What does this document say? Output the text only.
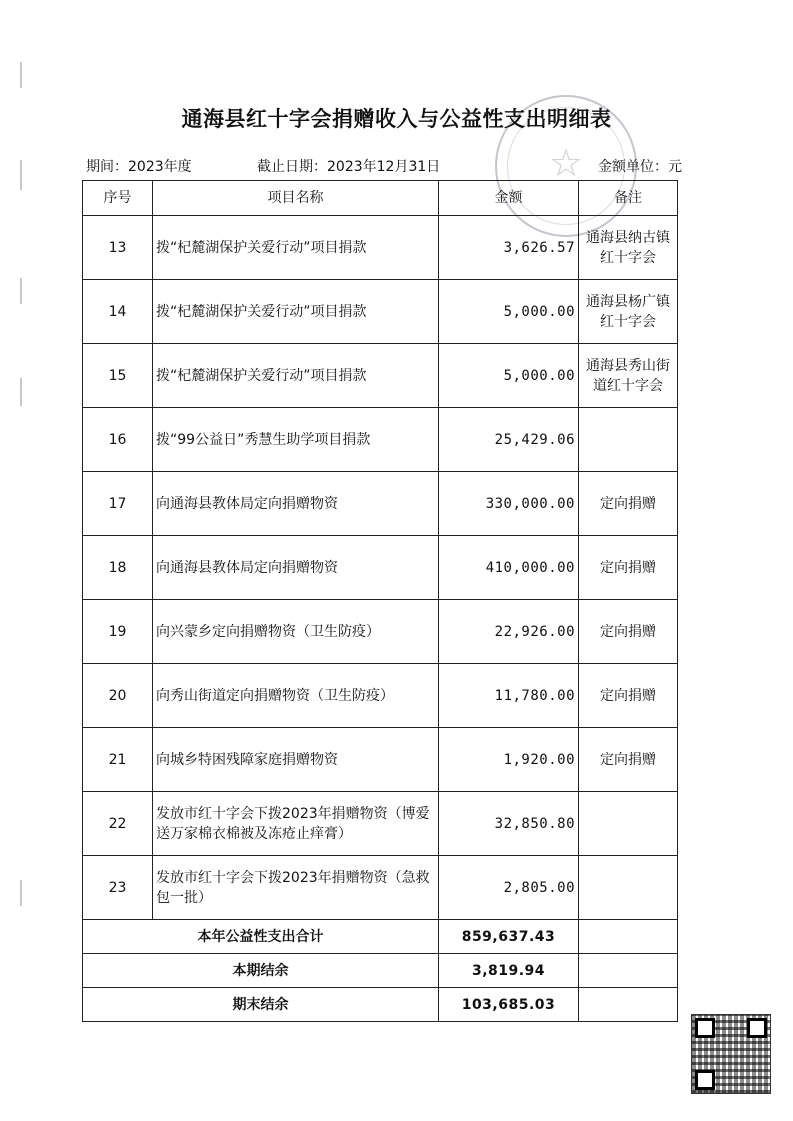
☆
通海县红十字会捐赠收入与公益性支出明细表
期间：2023年度	截止日期：2023年12月31日	金额单位：元
序号	项目名称	金额	备注
13	拨“杞麓湖保护关爱行动”项目捐款	3,626.57	通海县纳古镇红十字会
14	拨“杞麓湖保护关爱行动”项目捐款	5,000.00	通海县杨广镇红十字会
15	拨“杞麓湖保护关爱行动”项目捐款	5,000.00	通海县秀山街道红十字会
16	拨“99公益日”秀慧生助学项目捐款	25,429.06	
17	向通海县教体局定向捐赠物资	330,000.00	定向捐赠
18	向通海县教体局定向捐赠物资	410,000.00	定向捐赠
19	向兴蒙乡定向捐赠物资（卫生防疫）	22,926.00	定向捐赠
20	向秀山街道定向捐赠物资（卫生防疫）	11,780.00	定向捐赠
21	向城乡特困残障家庭捐赠物资	1,920.00	定向捐赠
22	发放市红十字会下拨2023年捐赠物资（博爱送万家棉衣棉被及冻疮止痒膏）	32,850.80	
23	发放市红十字会下拨2023年捐赠物资（急救包一批）	2,805.00	
本年公益性支出合计		859,637.43	
本期结余		3,819.94	
期末结余		103,685.03	
